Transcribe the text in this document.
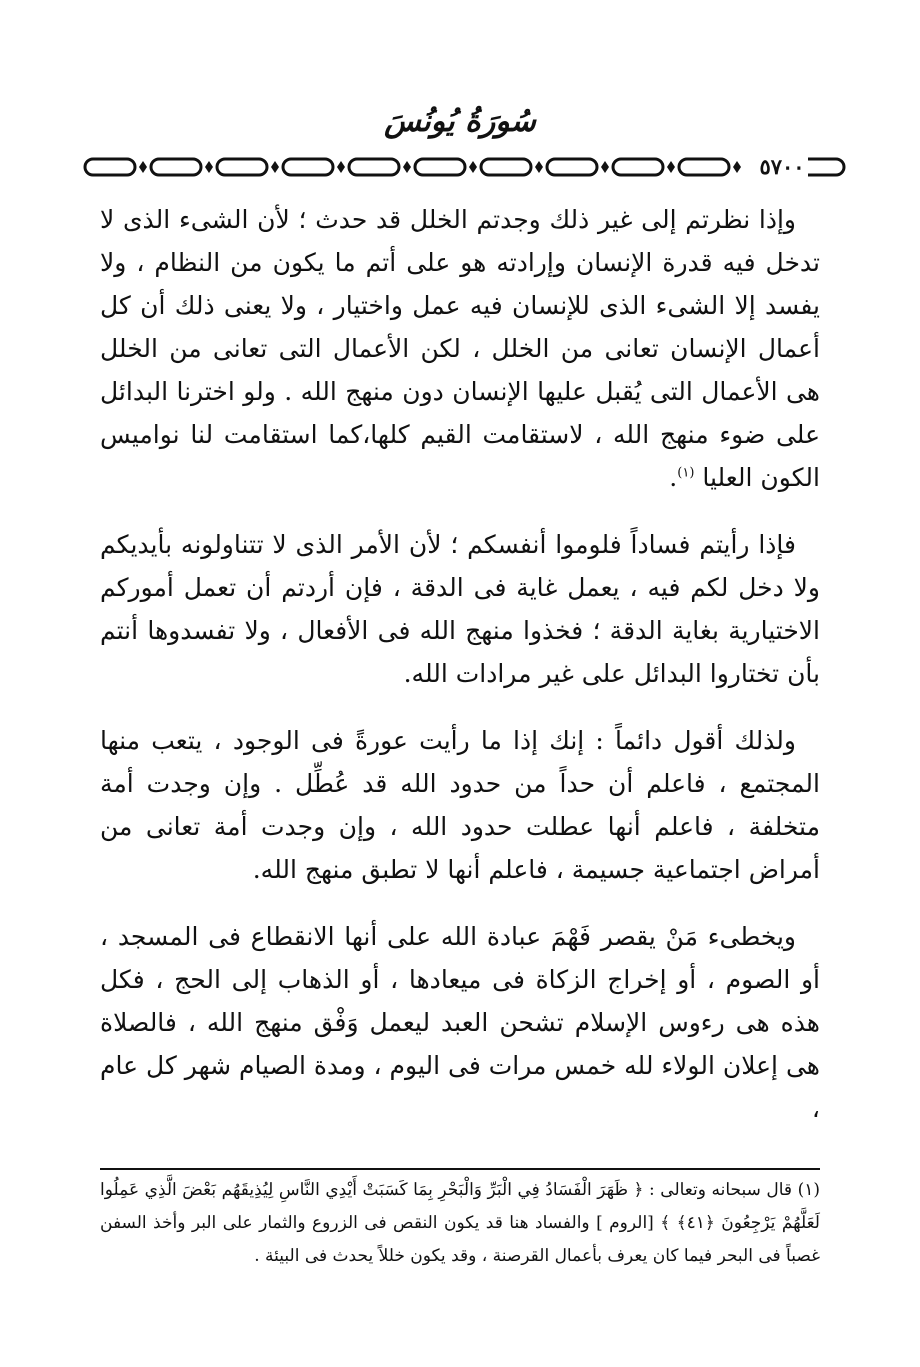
سُورَةُ يُونُسَ
٥٧٠٠

وإذا نظرتم إلى غير ذلك وجدتم الخلل قد حدث ؛ لأن الشىء الذى لا تدخل فيه قدرة الإنسان وإرادته هو على أتم ما يكون من النظام ، ولا يفسد إلا الشىء الذى للإنسان فيه عمل واختيار ، ولا يعنى ذلك أن كل أعمال الإنسان تعانى من الخلل ، لكن الأعمال التى تعانى من الخلل هى الأعمال التى يُقبل عليها الإنسان دون منهج الله . ولو اخترنا البدائل على ضوء منهج الله ، لاستقامت القيم كلها،كما استقامت لنا نواميس الكون العليا $^{(١)}$.

فإذا رأيتم فساداً فلوموا أنفسكم ؛ لأن الأمر الذى لا تتناولونه بأيديكم ولا دخل لكم فيه ، يعمل غاية فى الدقة ، فإن أردتم أن تعمل أموركم الاختيارية بغاية الدقة ؛ فخذوا منهج الله فى الأفعال ، ولا تفسدوها أنتم بأن تختاروا البدائل على غير مرادات الله.

ولذلك أقول دائماً : إنك إذا ما رأيت عورةً فى الوجود ، يتعب منها المجتمع ، فاعلم أن حداً من حدود الله قد عُطِّل . وإن وجدت أمة متخلفة ، فاعلم أنها عطلت حدود الله ، وإن وجدت أمة تعانى من أمراض اجتماعية جسيمة ، فاعلم أنها لا تطبق منهج الله.

ويخطىء مَنْ يقصر فَهْمَ عبادة الله على أنها الانقطاع فى المسجد ، أو الصوم ، أو إخراج الزكاة فى ميعادها ، أو الذهاب إلى الحج ، فكل هذه هى رءوس الإسلام تشحن العبد ليعمل وَفْق منهج الله ، فالصلاة هى إعلان الولاء لله خمس مرات فى اليوم ، ومدة الصيام شهر كل عام ،

(١) قال سبحانه وتعالى : ﴿ ظَهَرَ الْفَسَادُ فِي الْبَرِّ وَالْبَحْرِ بِمَا كَسَبَتْ أَيْدِي النَّاسِ لِيُذِيقَهُم بَعْضَ الَّذِي عَمِلُوا لَعَلَّهُمْ يَرْجِعُونَ ﴿٤١﴾ ﴾ [الروم ] والفساد هنا قد يكون النقص فى الزروع والثمار على البر وأخذ السفن غصباً فى البحر فيما كان يعرف بأعمال القرصنة ، وقد يكون خللاً يحدث فى البيئة .
